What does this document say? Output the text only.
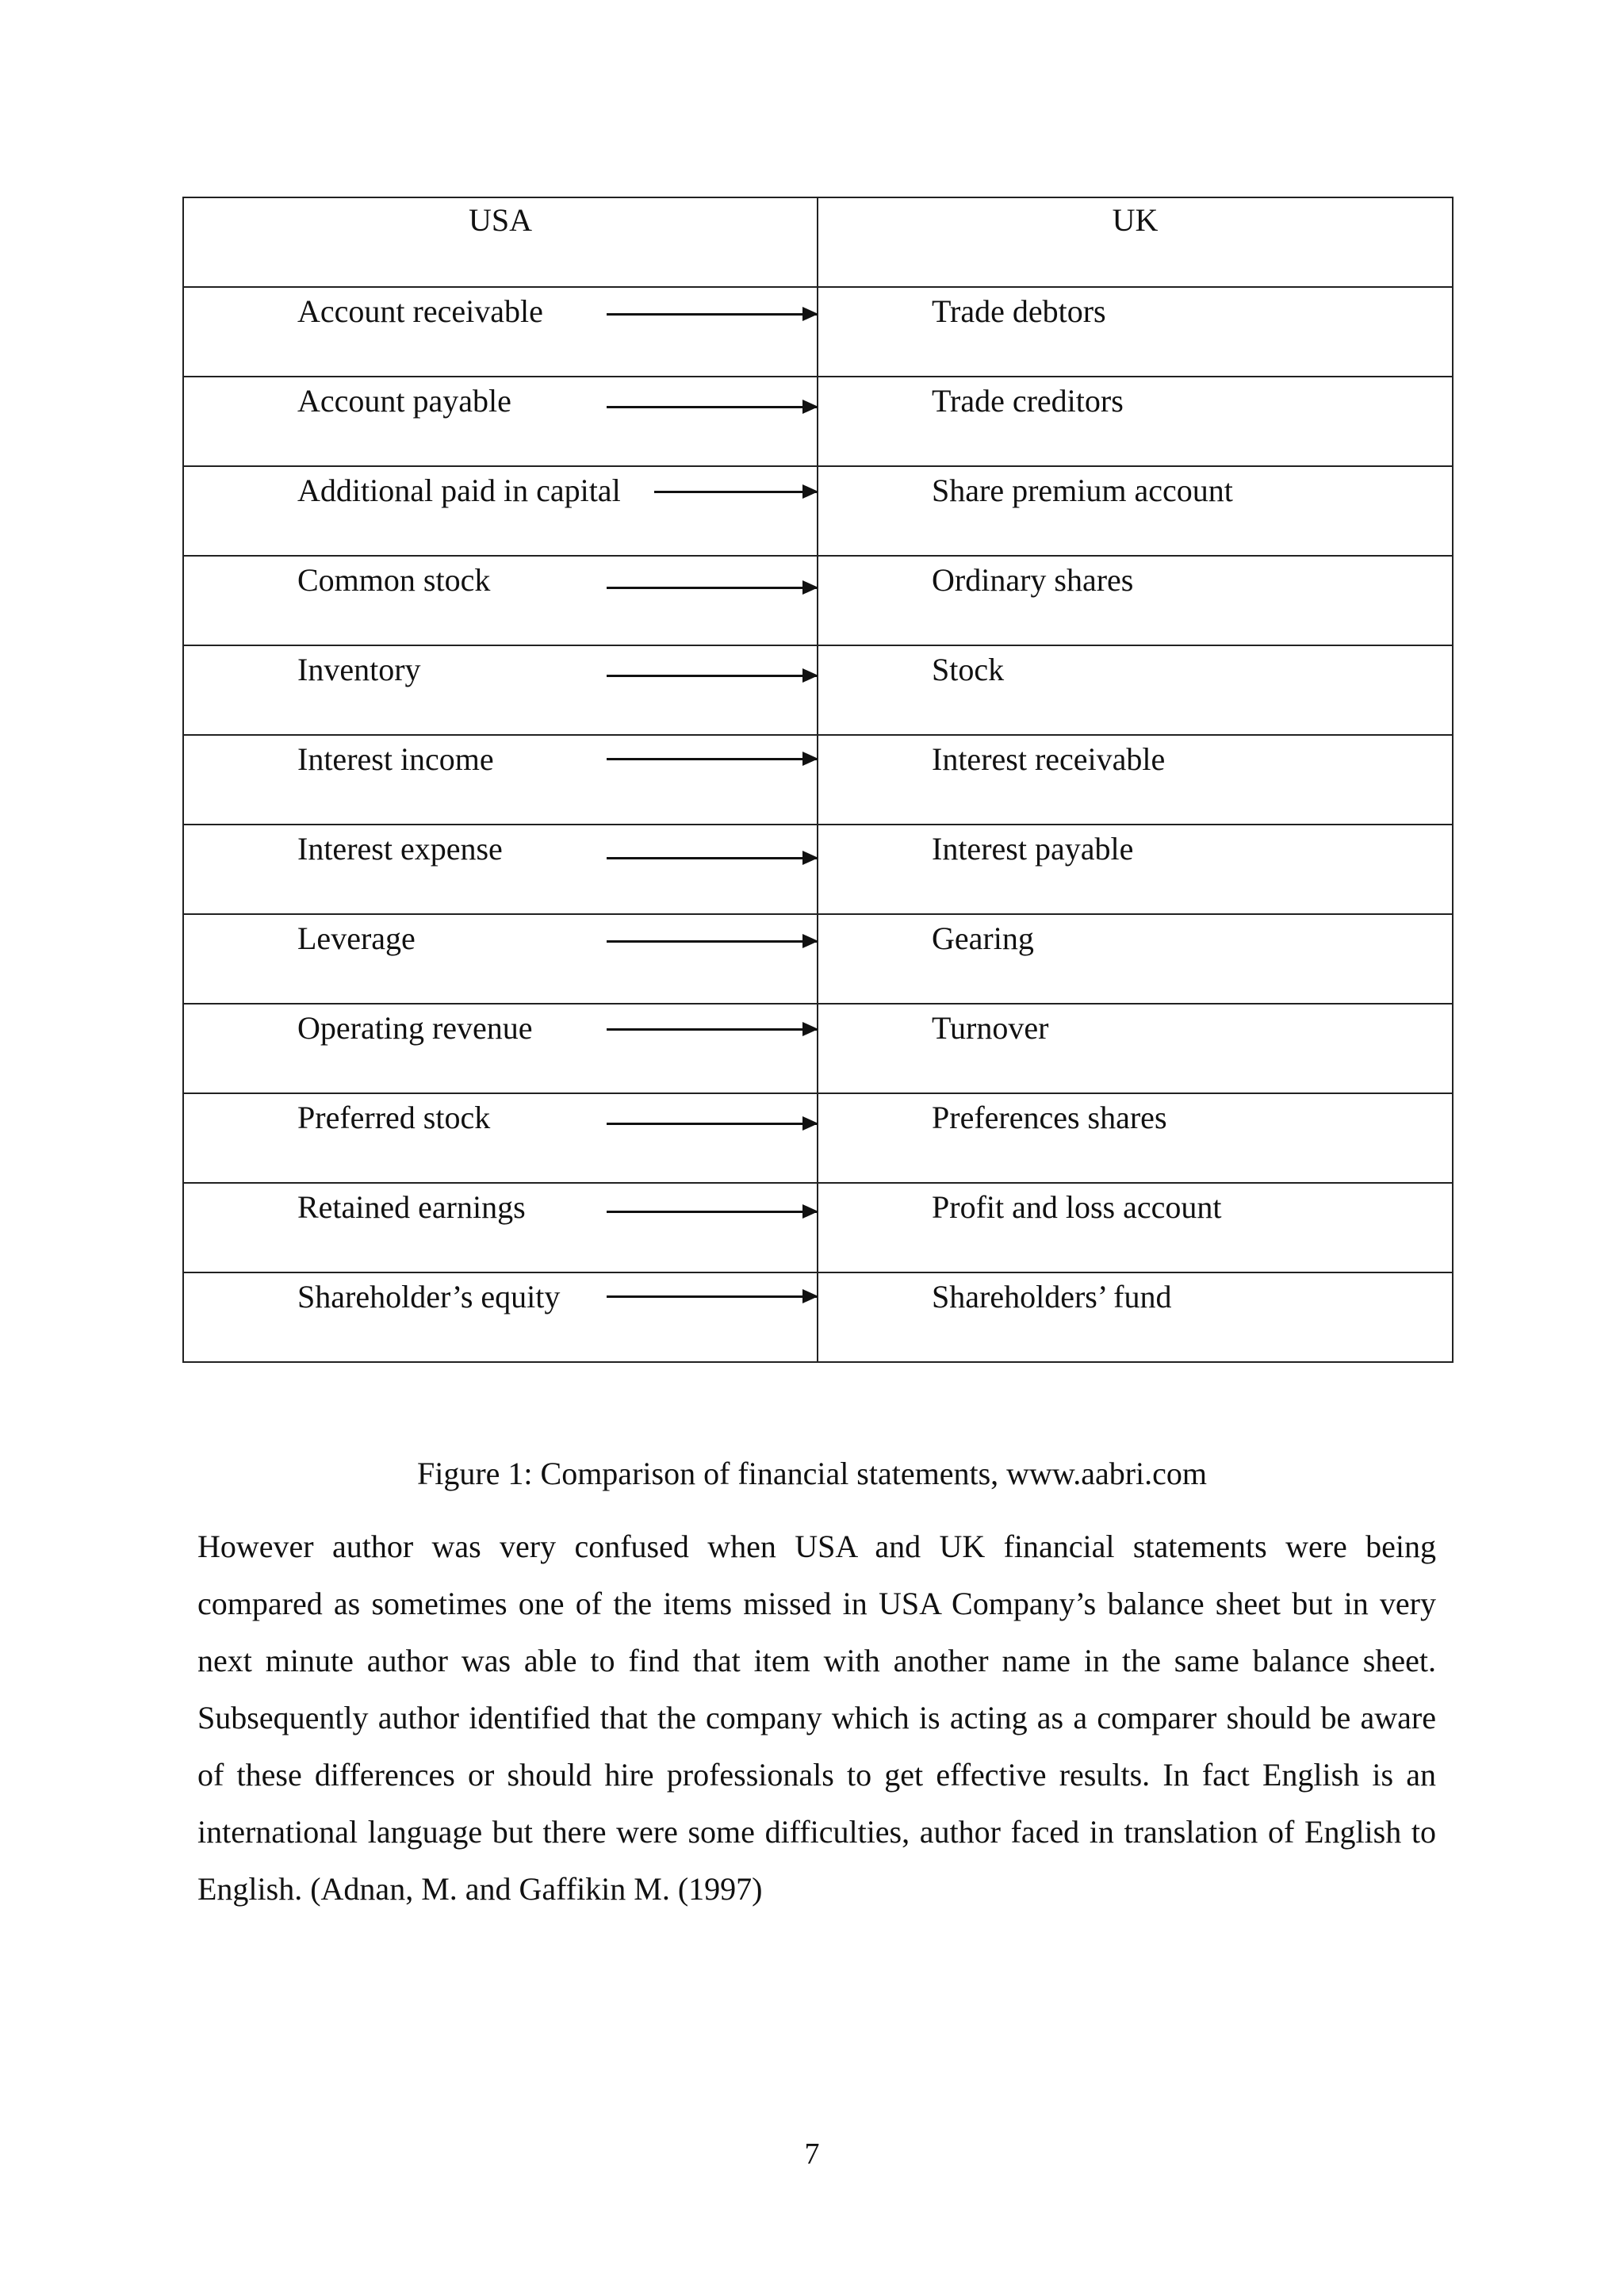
USA	UK

Account receivable	Trade debtors

Account payable	Trade creditors

Additional paid in capital	Share premium account

Common stock	Ordinary shares

Inventory	Stock

Interest income	Interest receivable

Interest expense	Interest payable

Leverage	Gearing

Operating revenue	Turnover

Preferred stock	Preferences shares

Retained earnings	Profit and loss account

Shareholder’s equity	Shareholders’ fund
Figure 1: Comparison of financial statements, www.aabri.com

However author was very confused when USA and UK financial statements were being compared as sometimes one of the items missed in USA Company’s balance sheet but in very next minute author was able to find that item with another name in the same balance sheet. Subsequently author identified that the company which is acting as a comparer should be aware of these differences or should hire professionals to get effective results. In fact English is an international language but there were some difficulties, author faced in translation of English to English. (Adnan, M. and Gaffikin M. (1997)

7
